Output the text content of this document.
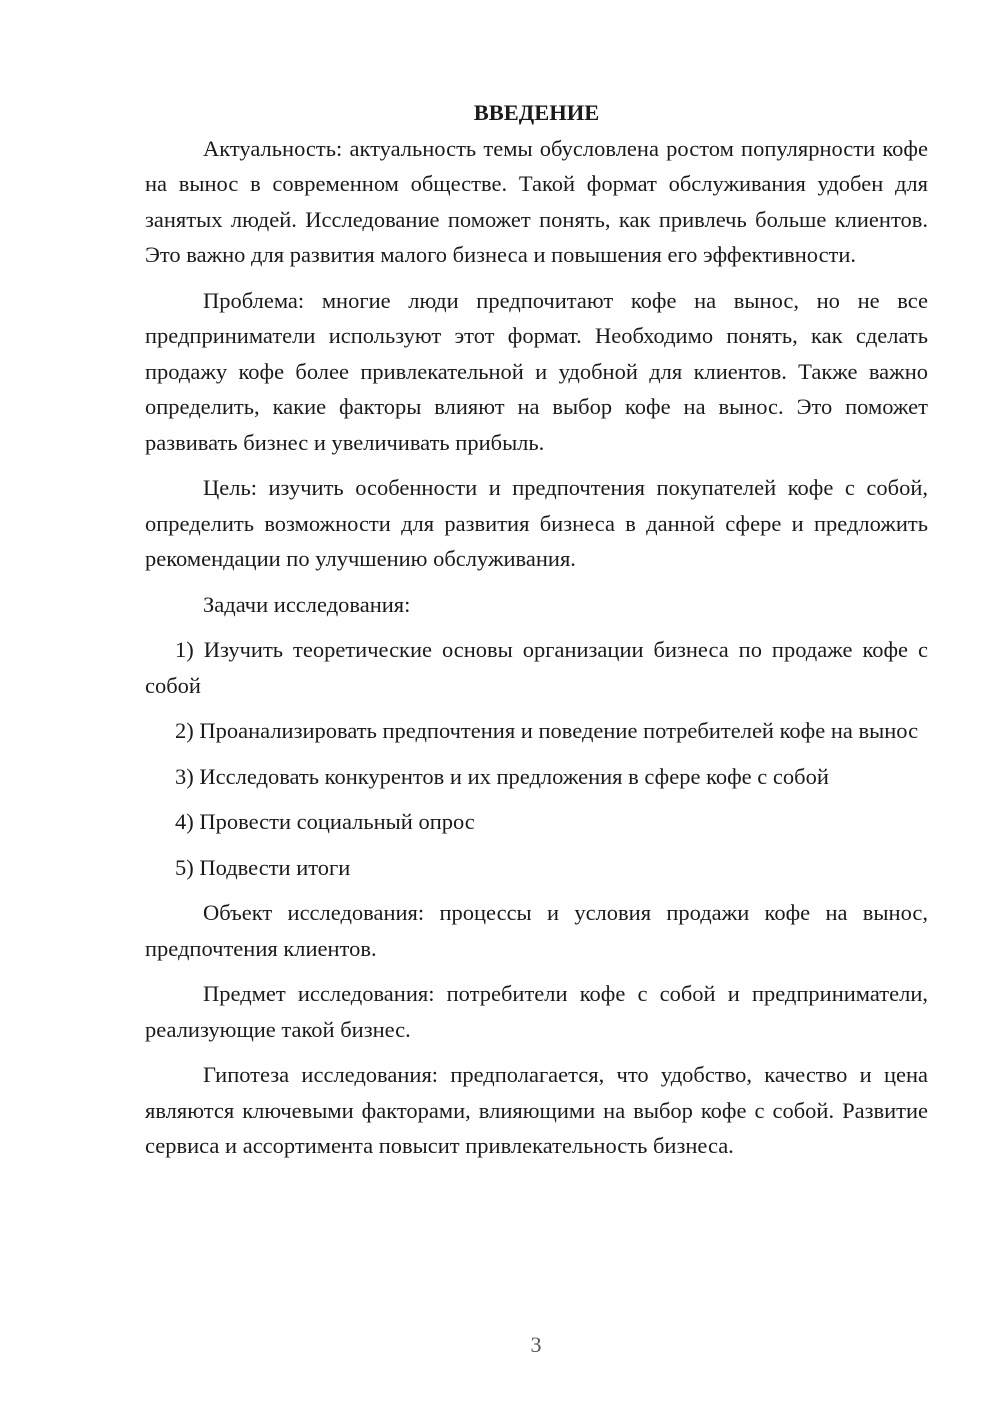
ВВЕДЕНИЕ

Актуальность: актуальность темы обусловлена ростом популярности кофе на вынос в современном обществе. Такой формат обслуживания удобен для занятых людей. Исследование поможет понять, как привлечь больше клиентов. Это важно для развития малого бизнеса и повышения его эффективности.

Проблема: многие люди предпочитают кофе на вынос, но не все предприниматели используют этот формат. Необходимо понять, как сделать продажу кофе более привлекательной и удобной для клиентов. Также важно определить, какие факторы влияют на выбор кофе на вынос. Это поможет развивать бизнес и увеличивать прибыль.

Цель: изучить особенности и предпочтения покупателей кофе с собой, определить возможности для развития бизнеса в данной сфере и предложить рекомендации по улучшению обслуживания.

Задачи исследования:

1) Изучить теоретические основы организации бизнеса по продаже кофе с собой

2) Проанализировать предпочтения и поведение потребителей кофе на вынос

3) Исследовать конкурентов и их предложения в сфере кофе с собой

4) Провести социальный опрос

5) Подвести итоги

Объект исследования: процессы и условия продажи кофе на вынос, предпочтения клиентов.

Предмет исследования: потребители кофе с собой и предприниматели, реализующие такой бизнес.

Гипотеза исследования: предполагается, что удобство, качество и цена являются ключевыми факторами, влияющими на выбор кофе с собой. Развитие сервиса и ассортимента повысит привлекательность бизнеса.

3
